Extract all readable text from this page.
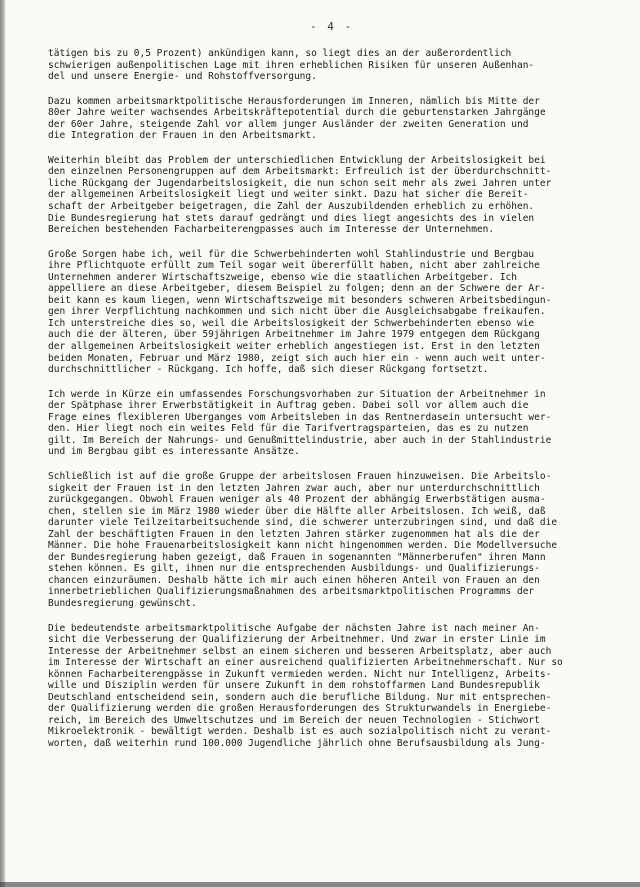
- 4 -
tätigen bis zu 0,5 Prozent) ankündigen kann, so liegt dies an der außerordentlich
schwierigen außenpolitischen Lage mit ihren erheblichen Risiken für unseren Außenhan-
del und unsere Energie- und Rohstoffversorgung.
Dazu kommen arbeitsmarktpolitische Herausforderungen im Inneren, nämlich bis Mitte der
80er Jahre weiter wachsendes Arbeitskräftepotential durch die geburtenstarken Jahrgänge
der 60er Jahre, steigende Zahl vor allem junger Ausländer der zweiten Generation und
die Integration der Frauen in den Arbeitsmarkt.
Weiterhin bleibt das Problem der unterschiedlichen Entwicklung der Arbeitslosigkeit bei
den einzelnen Personengruppen auf dem Arbeitsmarkt: Erfreulich ist der überdurchschnitt-
liche Rückgang der Jugendarbeitslosigkeit, die nun schon seit mehr als zwei Jahren unter
der allgemeinen Arbeitslosigkeit liegt und weiter sinkt. Dazu hat sicher die Bereit-
schaft der Arbeitgeber beigetragen, die Zahl der Auszubildenden erheblich zu erhöhen.
Die Bundesregierung hat stets darauf gedrängt und dies liegt angesichts des in vielen
Bereichen bestehenden Facharbeiterengpasses auch im Interesse der Unternehmen.
Große Sorgen habe ich, weil für die Schwerbehinderten wohl Stahlindustrie und Bergbau
ihre Pflichtquote erfüllt zum Teil sogar weit übererfüllt haben, nicht aber zahlreiche
Unternehmen anderer Wirtschaftszweige, ebenso wie die staatlichen Arbeitgeber. Ich
appelliere an diese Arbeitgeber, diesem Beispiel zu folgen; denn an der Schwere der Ar-
beit kann es kaum liegen, wenn Wirtschaftszweige mit besonders schweren Arbeitsbedingun-
gen ihrer Verpflichtung nachkommen und sich nicht über die Ausgleichsabgabe freikaufen.
Ich unterstreiche dies so, weil die Arbeitslosigkeit der Schwerbehinderten ebenso wie
auch die der älteren, über 59jährigen Arbeitnehmer im Jahre 1979 entgegen dem Rückgang
der allgemeinen Arbeitslosigkeit weiter erheblich angestiegen ist. Erst in den letzten
beiden Monaten, Februar und März 1980, zeigt sich auch hier ein - wenn auch weit unter-
durchschnittlicher - Rückgang. Ich hoffe, daß sich dieser Rückgang fortsetzt.
Ich werde in Kürze ein umfassendes Forschungsvorhaben zur Situation der Arbeitnehmer in
der Spätphase ihrer Erwerbstätigkeit in Auftrag geben. Dabei soll vor allem auch die
Frage eines flexibleren Überganges vom Arbeitsleben in das Rentnerdasein untersucht wer-
den. Hier liegt noch ein weites Feld für die Tarifvertragsparteien, das es zu nutzen
gilt. Im Bereich der Nahrungs- und Genußmittelindustrie, aber auch in der Stahlindustrie
und im Bergbau gibt es interessante Ansätze.
Schließlich ist auf die große Gruppe der arbeitslosen Frauen hinzuweisen. Die Arbeitslo-
sigkeit der Frauen ist in den letzten Jahren zwar auch, aber nur unterdurchschnittlich
zurückgegangen. Obwohl Frauen weniger als 40 Prozent der abhängig Erwerbstätigen ausma-
chen, stellen sie im März 1980 wieder über die Hälfte aller Arbeitslosen. Ich weiß, daß
darunter viele Teilzeitarbeitsuchende sind, die schwerer unterzubringen sind, und daß die
Zahl der beschäftigten Frauen in den letzten Jahren stärker zugenommen hat als die der
Männer. Die hohe Frauenarbeitslosigkeit kann nicht hingenommen werden. Die Modellversuche
der Bundesregierung haben gezeigt, daß Frauen in sogenannten "Männerberufen" ihren Mann
stehen können. Es gilt, ihnen nur die entsprechenden Ausbildungs- und Qualifizierungs-
chancen einzuräumen. Deshalb hätte ich mir auch einen höheren Anteil von Frauen an den
innerbetrieblichen Qualifizierungsmaßnahmen des arbeitsmarktpolitischen Programms der
Bundesregierung gewünscht.
Die bedeutendste arbeitsmarktpolitische Aufgabe der nächsten Jahre ist nach meiner An-
sicht die Verbesserung der Qualifizierung der Arbeitnehmer. Und zwar in erster Linie im
Interesse der Arbeitnehmer selbst an einem sicheren und besseren Arbeitsplatz, aber auch
im Interesse der Wirtschaft an einer ausreichend qualifizierten Arbeitnehmerschaft. Nur so
können Facharbeiterengpässe in Zukunft vermieden werden. Nicht nur Intelligenz, Arbeits-
wille und Disziplin werden für unsere Zukunft in dem rohstoffarmen Land Bundesrepublik
Deutschland entscheidend sein, sondern auch die berufliche Bildung. Nur mit entsprechen-
der Qualifizierung werden die großen Herausforderungen des Strukturwandels in Energiebe-
reich, im Bereich des Umweltschutzes und im Bereich der neuen Technologien - Stichwort
Mikroelektronik - bewältigt werden. Deshalb ist es auch sozialpolitisch nicht zu verant-
worten, daß weiterhin rund 100.000 Jugendliche jährlich ohne Berufsausbildung als Jung-
